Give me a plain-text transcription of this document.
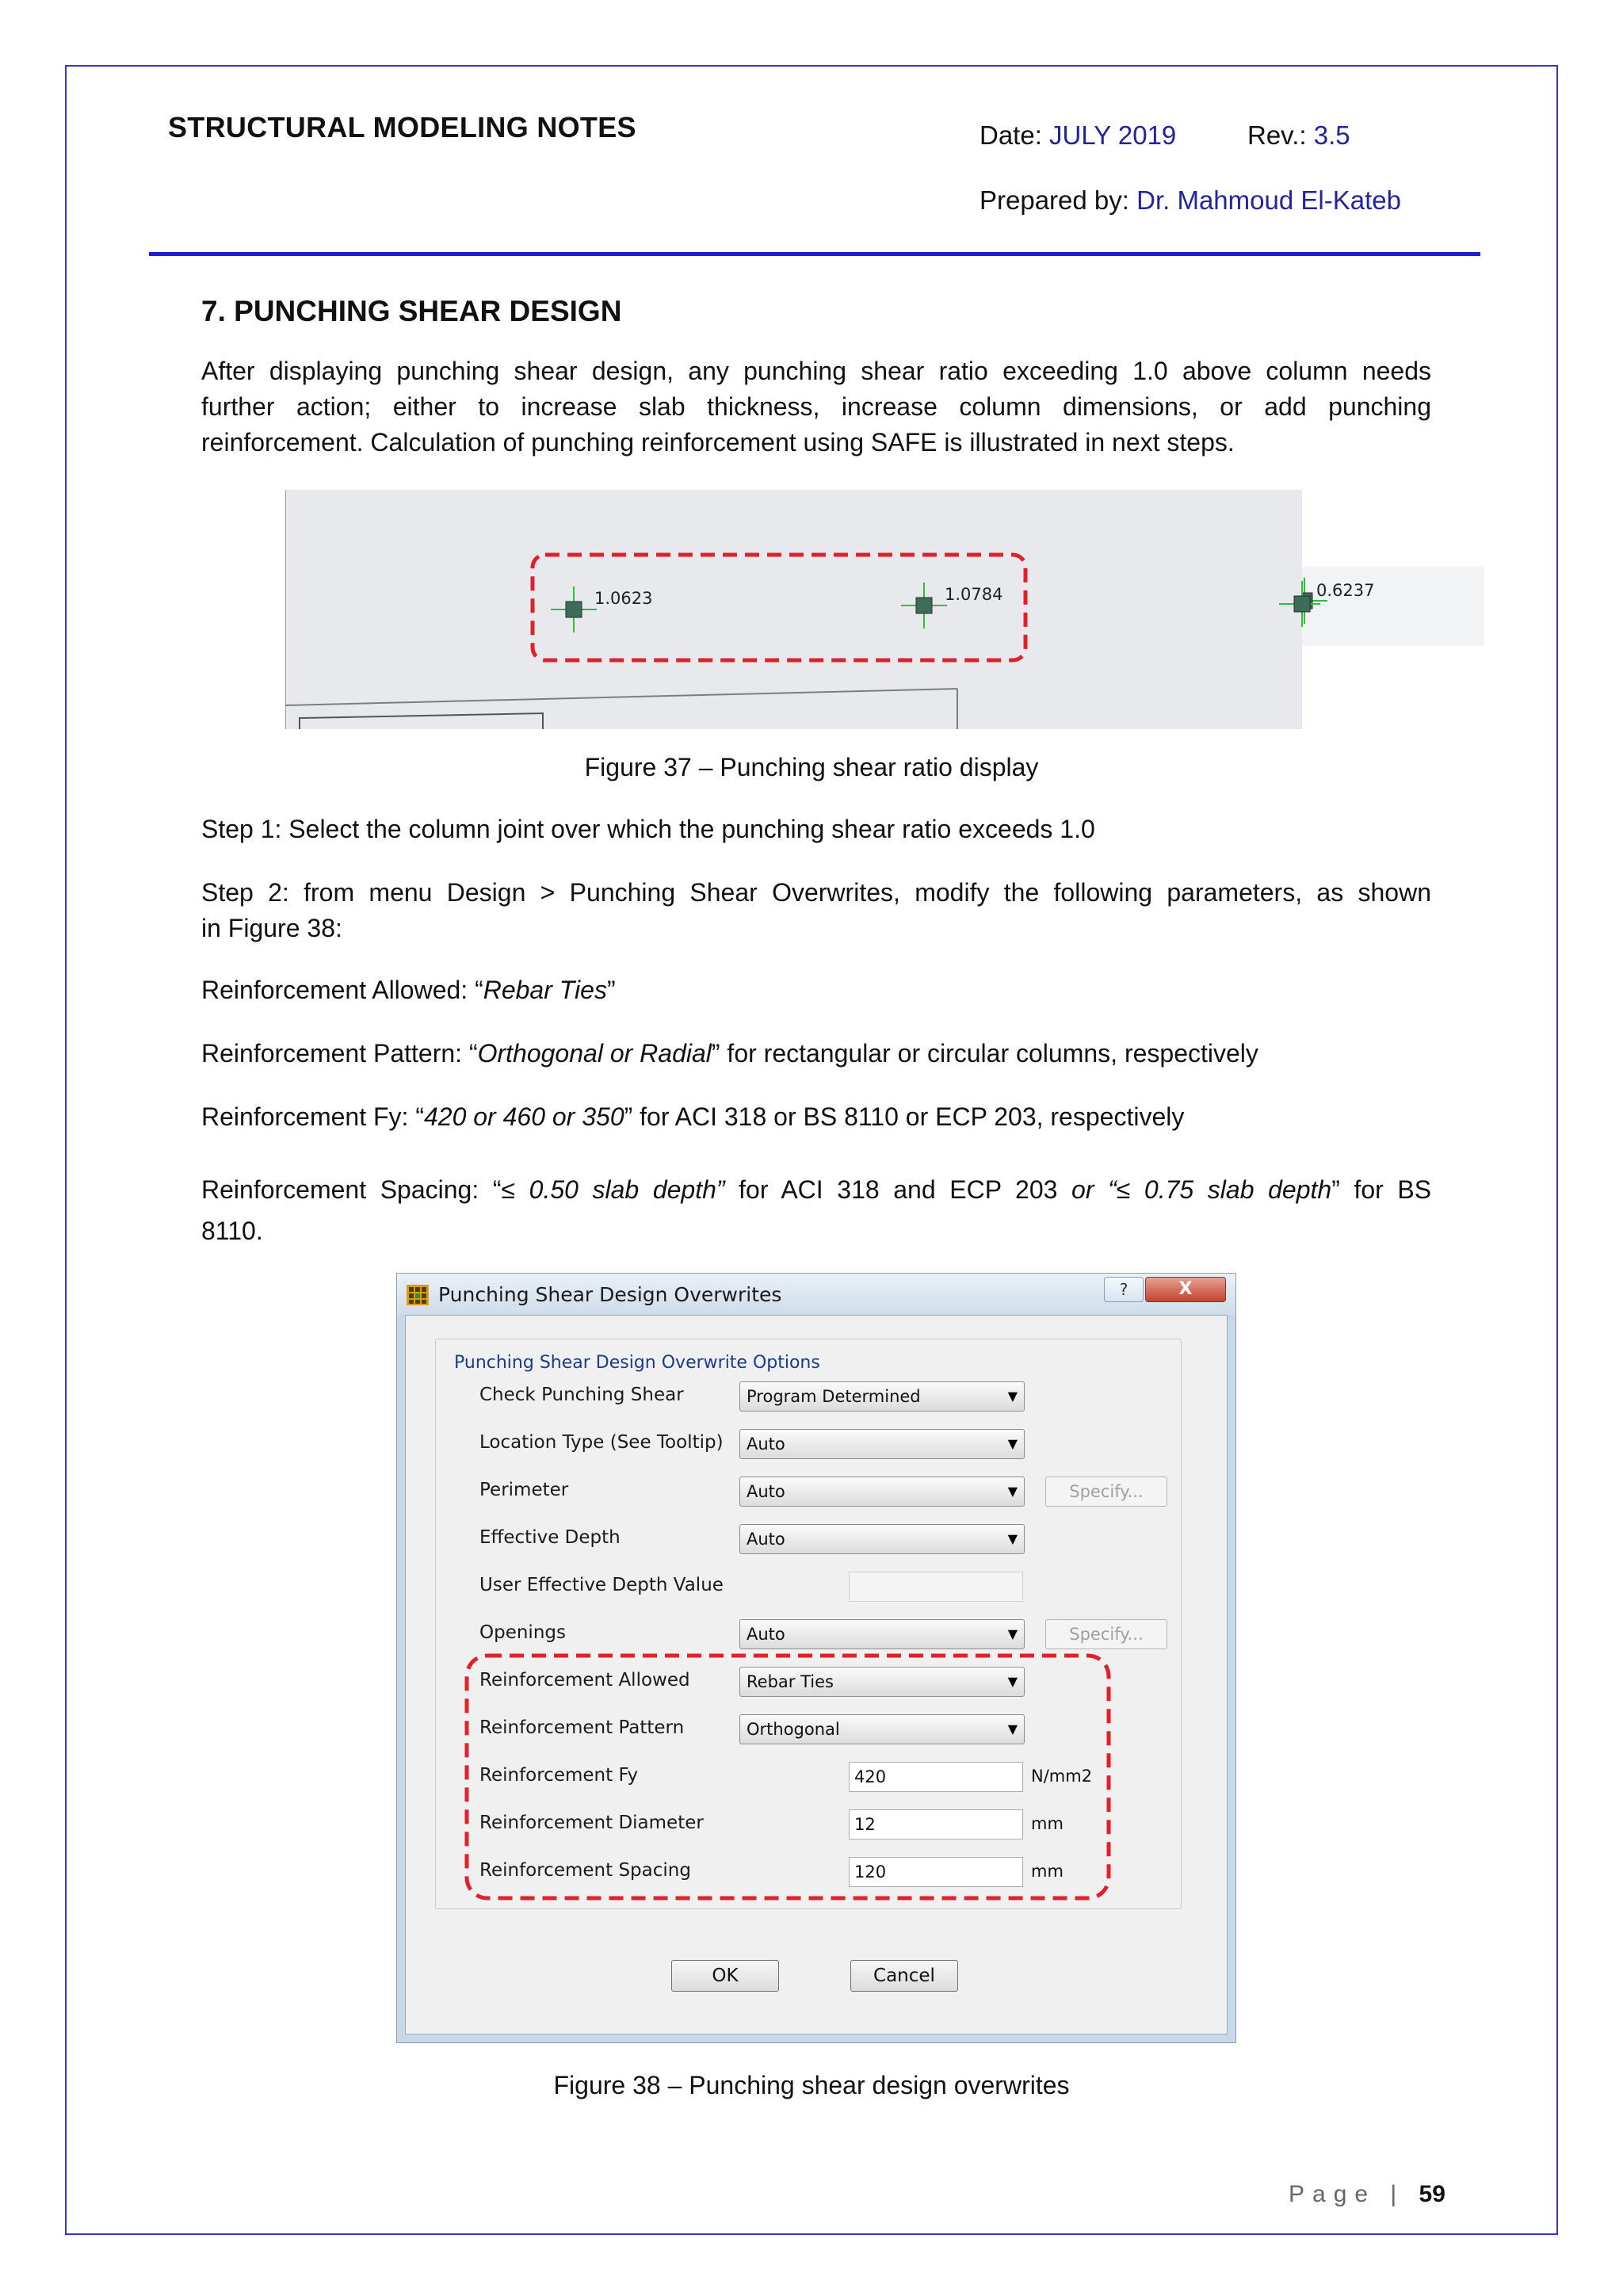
STRUCTURAL MODELING NOTES	Date: JULY 2019	Rev.: 3.5
Prepared by: Dr. Mahmoud El-Kateb
7. PUNCHING SHEAR DESIGN
After displaying punching shear design, any punching shear ratio exceeding 1.0 above column needs
further action; either to increase slab thickness, increase column dimensions, or add punching
reinforcement. Calculation of punching reinforcement using SAFE is illustrated in next steps.
1.0623	1.0784	0.6237
Figure 37 – Punching shear ratio display
Step 1: Select the column joint over which the punching shear ratio exceeds 1.0
Step 2: from menu Design > Punching Shear Overwrites, modify the following parameters, as shown
in Figure 38:
Reinforcement Allowed: “Rebar Ties”
Reinforcement Pattern: “Orthogonal or Radial” for rectangular or circular columns, respectively
Reinforcement Fy: “420 or 460 or 350” for ACI 318 or BS 8110 or ECP 203, respectively
Reinforcement Spacing: “≤ 0.50 slab depth” for ACI 318 and ECP 203 or “≤ 0.75 slab depth” for BS
8110.
Punching Shear Design Overwrites	?	X
Punching Shear Design Overwrite Options
Check Punching Shear	Program Determined	▼
Location Type (See Tooltip)	Auto	▼
Perimeter	Auto	▼	Specify...
Effective Depth	Auto	▼
User Effective Depth Value
Openings	Auto	▼	Specify...
Reinforcement Allowed	Rebar Ties	▼
Reinforcement Pattern	Orthogonal	▼
Reinforcement Fy	420	N/mm2
Reinforcement Diameter	12	mm
Reinforcement Spacing	120	mm
OK	Cancel
Figure 38 – Punching shear design overwrites
Page | 59
